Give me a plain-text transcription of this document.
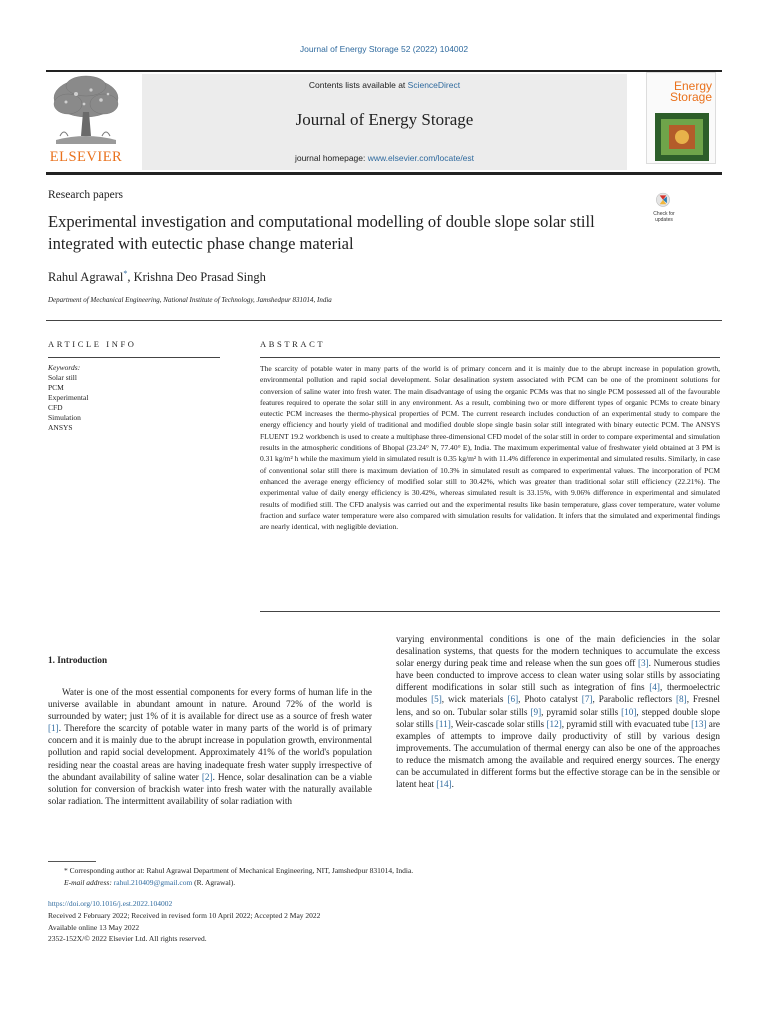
Journal of Energy Storage 52 (2022) 104002
ELSEVIER
Contents lists available at ScienceDirect
Journal of Energy Storage
journal homepage: www.elsevier.com/locate/est
Energy
Storage
Research papers
Experimental investigation and computational modelling of double slope solar still integrated with eutectic phase change material
Check for updates
Rahul Agrawal*, Krishna Deo Prasad Singh
Department of Mechanical Engineering, National Institute of Technology, Jamshedpur 831014, India
ARTICLE INFO
Keywords:
Solar still
PCM
Experimental
CFD
Simulation
ANSYS
ABSTRACT
The scarcity of potable water in many parts of the world is of primary concern and it is mainly due to the abrupt increase in population growth, environmental pollution and rapid social development. Solar desalination system associated with PCM can be one of the prominent solutions for conversion of saline water into fresh water. The main disadvantage of using the organic PCMs was that no single PCM possessed all of the favourable features required to operate the solar still in any environment. As a result, combining two or more different types of organic PCMs to create binary eutectic PCM increases the thermo-physical properties of PCM. The current research includes conduction of an experimental study to compare the energy efficiency and hourly yield of traditional and modified double slope single basin solar still integrated with binary eutectic PCM. The ANSYS FLUENT 19.2 workbench is used to create a multiphase three-dimensional CFD model of the solar still in order to compare experimental and simulation results in the atmospheric conditions of Bhopal (23.24° N, 77.40° E), India. The maximum experimental value of freshwater yield obtained at 3 PM is 0.31 kg/m² h while the maximum yield in simulated result is 0.35 kg/m² h with 11.4% difference in experimental and simulated results. Similarly, in case of conventional solar still there is maximum deviation of 10.3% in simulated result as compared to experimental values. The incorporation of PCM enhanced the average energy efficiency of modified solar still to 30.42%, which was greater than traditional solar still efficiency (22.21%). The experimental value of daily energy efficiency is 30.42%, whereas simulated result is 33.15%, with 9.06% difference in experimental and simulated results of modified still. The CFD analysis was carried out and the experimental results like basin temperature, glass cover temperature, water volume fraction and surface water temperature were also compared with simulation results for validation. It infers that the simulated and experimental findings are nearly identical, with negligible deviation.
1. Introduction

Water is one of the most essential components for every forms of human life in the universe available in abundant amount in nature. Around 72% of the world is surrounded by water; just 1% of it is available for direct use as a source of fresh water [1]. Therefore the scarcity of potable water in many parts of the world is of primary concern and it is mainly due to the abrupt increase in population growth, environmental pollution and rapid social development. Approximately 41% of the world's population residing near the coastal areas are having inadequate fresh water supply irrespective of the abundant availability of saline water [2]. Hence, solar desalination can be a viable solution for conversion of brackish water into fresh water with the naturally available solar radiation. The intermittent availability of solar radiation with

varying environmental conditions is one of the main deficiencies in the solar desalination systems, that quests for the modern techniques to accumulate the excess solar energy during peak time and release when the sun goes off [3]. Numerous studies have been conducted to improve access to clean water using solar stills by associating different modifications in solar still such as integration of fins [4], thermoelectric modules [5], wick materials [6], Photo catalyst [7], Parabolic reflectors [8], Fresnel lens, and so on. Tubular solar stills [9], pyramid solar stills [10], stepped double slope solar stills [11], Weir-cascade solar stills [12], pyramid still with evacuated tube [13] are examples of attempts to improve daily productivity of still by various design improvements. The accumulation of thermal energy can also be one of the approaches to reduce the mismatch among the available and required energy sources. The energy can be accumulated in different forms but the effective storage can be in the sensible or latent heat [14].
* Corresponding author at: Rahul Agrawal Department of Mechanical Engineering, NIT, Jamshedpur 831014, India.
E-mail address: rahul.210409@gmail.com (R. Agrawal).
https://doi.org/10.1016/j.est.2022.104002
Received 2 February 2022; Received in revised form 10 April 2022; Accepted 2 May 2022
Available online 13 May 2022
2352-152X/© 2022 Elsevier Ltd. All rights reserved.
